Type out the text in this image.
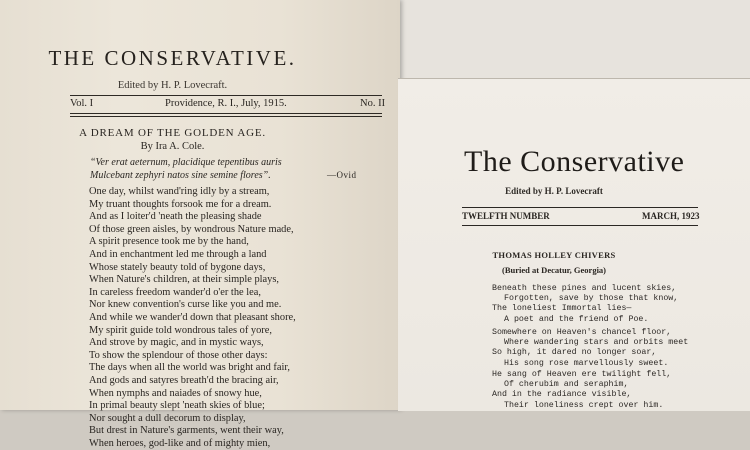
THE CONSERVATIVE.
Edited by H. P. Lovecraft.
Vol. I	Providence, R. I., July, 1915.	No. II
A DREAM OF THE GOLDEN AGE.
By Ira A. Cole.
“Ver erat aeternum, placidique tepentibus auris
Mulcebant zephyri natos sine semine flores”.	—Ovid
One day, whilst wand'ring idly by a stream,
My truant thoughts forsook me for a dream.
And as I loiter'd 'neath the pleasing shade
Of those green aisles, by wondrous Nature made,
A spirit presence took me by the hand,
And in enchantment led me through a land
Whose stately beauty told of bygone days,
When Nature's children, at their simple plays,
In careless freedom wander'd o'er the lea,
Nor knew convention's curse like you and me.
And while we wander'd down that pleasant shore,
My spirit guide told wondrous tales of yore,
And strove by magic, and in mystic ways,
To show the splendour of those other days:
The days when all the world was bright and fair,
And gods and satyres breath'd the bracing air,
When nymphs and naiades of snowy hue,
In primal beauty slept 'neath skies of blue;
Nor sought a dull decorum to display,
But drest in Nature's garments, went their way,
When heroes, god-like and of mighty mien,
The Conservative
Edited by H. P. Lovecraft
TWELFTH NUMBER	MARCH, 1923
THOMAS HOLLEY CHIVERS
(Buried at Decatur, Georgia)
Beneath these pines and lucent skies,
Forgotten, save by those that know,
The loneliest Immortal lies—
A poet and the friend of Poe.
Somewhere on Heaven's chancel floor,
Where wandering stars and orbits meet
So high, it dared no longer soar,
His song rose marvellously sweet.
He sang of Heaven ere twilight fell,
Of cherubim and seraphim,
And in the radiance visible,
Their loneliness crept over him.
